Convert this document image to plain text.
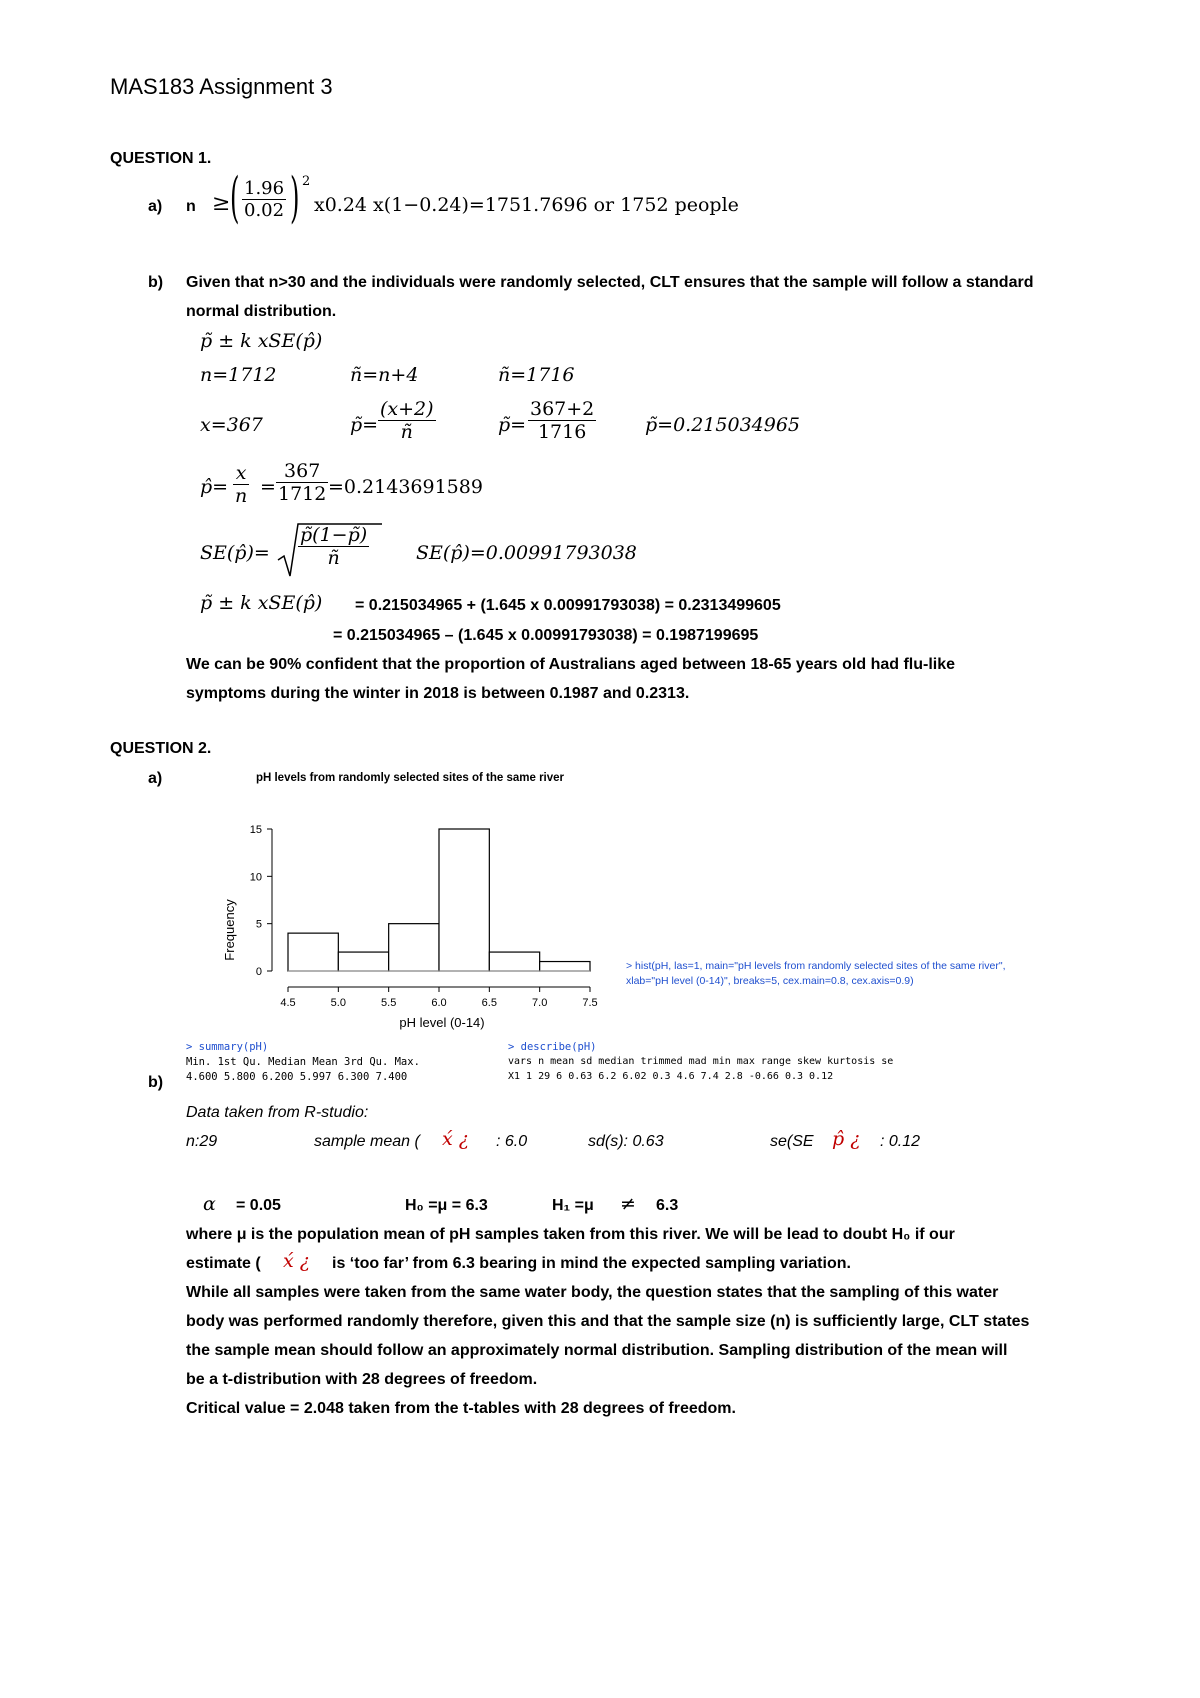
MAS183 Assignment 3
QUESTION 1.
a) n ≥ ( $\frac{1.96}{0.02}$ ) 2
x0.24 x(1−0.24)=1751.7696 or 1752 people
b) Given that n>30 and the individuals were randomly selected, CLT ensures that the sample will follow a standard
normal distribution.
p̃ ± k xSE(p̂)
n=1712	ñ=n+4	ñ=1716
x=367	p̃= $\frac{(x+2)}{ñ}$	p̃= $\frac{367+2}{1716}$	p̃=0.215034965
p̂= $\frac{x}{n} = \frac{367}{1712} =0.2143691589$
SE(p̂)= $\frac{p̃(1-p̃)}{ñ}$ SE(p̂)=0.00991793038
p̃ ± k xSE(p̂) = 0.215034965 + (1.645 x 0.00991793038) = 0.2313499605
= 0.215034965 – (1.645 x 0.00991793038) = 0.1987199695
We can be 90% confident that the proportion of Australians aged between 18-65 years old had flu-like
symptoms during the winter in 2018 is between 0.1987 and 0.2313.
QUESTION 2.
a)	pH levels from randomly selected sites of the same river
Frequency
pH level (0-14)
0
5
10
15
4.5	5.0	5.5	6.0	6.5	7.0	7.5
> hist(pH, las=1, main="pH levels from randomly selected sites of the same river",
xlab="pH level (0-14)", breaks=5, cex.main=0.8, cex.axis=0.9)
> summary(pH)
Min. 1st Qu. Median Mean 3rd Qu. Max.
4.600 5.800 6.200 5.997 6.300 7.400
> describe(pH)
vars n mean sd median trimmed mad min max range skew kurtosis se
X1 1 29 6 0.63 6.2 6.02 0.3 4.6 7.4 2.8 -0.66 0.3 0.12
b)
Data taken from R-studio:
n:29	sample mean ( x́ ¿ : 6.0	sd(s): 0.63	se(SE p̂ ¿ : 0.12
α = 0.05	H₀ =μ = 6.3	H₁ =μ ≠ 6.3
where μ is the population mean of pH samples taken from this river. We will be lead to doubt H₀ if our
estimate ( x́ ¿ is ‘too far’ from 6.3 bearing in mind the expected sampling variation.
While all samples were taken from the same water body, the question states that the sampling of this water
body was performed randomly therefore, given this and that the sample size (n) is sufficiently large, CLT states
the sample mean should follow an approximately normal distribution. Sampling distribution of the mean will
be a t-distribution with 28 degrees of freedom.
Critical value = 2.048 taken from the t-tables with 28 degrees of freedom.
